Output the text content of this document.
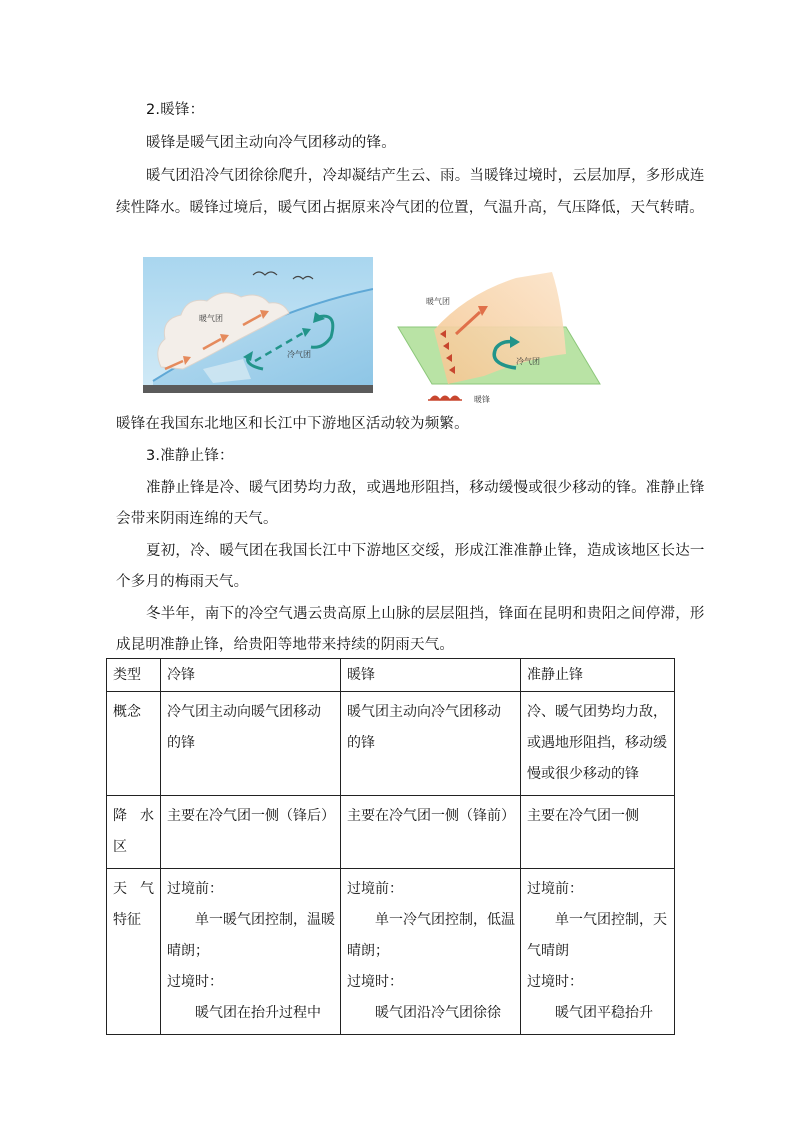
2.暖锋：
暖锋是暖气团主动向冷气团移动的锋。
暖气团沿冷气团徐徐爬升，冷却凝结产生云、雨。当暖锋过境时，云层加厚，多形成连
续性降水。暖锋过境后，暖气团占据原来冷气团的位置，气温升高，气压降低，天气转晴。
暖气团
冷气团
暖气团
冷气团
暖锋
暖锋在我国东北地区和长江中下游地区活动较为频繁。
3.准静止锋：
准静止锋是冷、暖气团势均力敌，或遇地形阻挡，移动缓慢或很少移动的锋。准静止锋
会带来阴雨连绵的天气。
夏初，冷、暖气团在我国长江中下游地区交绥，形成江淮准静止锋，造成该地区长达一
个多月的梅雨天气。
冬半年，南下的冷空气遇云贵高原上山脉的层层阻挡，锋面在昆明和贵阳之间停滞，形
成昆明准静止锋，给贵阳等地带来持续的阴雨天气。
类型	冷锋	暖锋	准静止锋

概念	冷气团主动向暖气团移动
的锋	暖气团主动向冷气团移动
的锋	冷、暖气团势均力敌，
或遇地形阻挡，移动缓
慢或很少移动的锋

降 水
区	主要在冷气团一侧（锋后）	主要在冷气团一侧（锋前）	主要在冷气团一侧

天 气
特征	过境前：
单一暖气团控制，温暖
晴朗；
过境时：
暖气团在抬升过程中	过境前：
单一冷气团控制，低温
晴朗；
过境时：
暖气团沿冷气团徐徐	过境前：
单一气团控制，天
气晴朗
过境时：
暖气团平稳抬升
